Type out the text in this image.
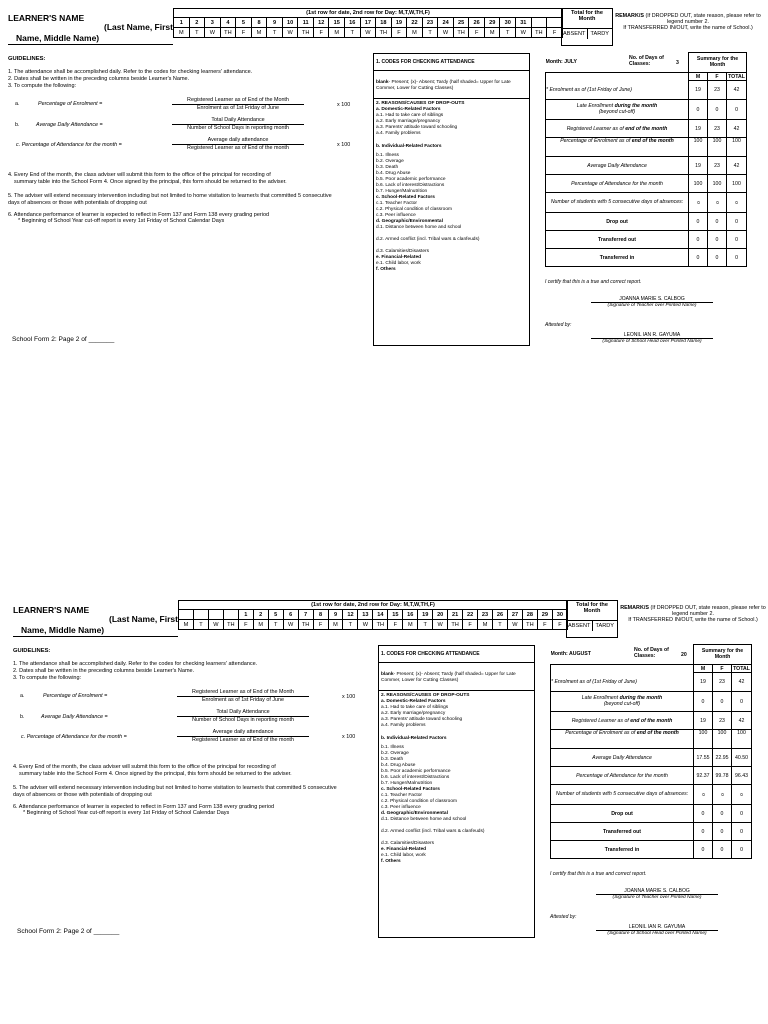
LEARNER'S NAME
(Last Name, First
Name, Middle Name)
(1st row for date, 2nd row for Day: M,T,W,TH,F)																								
1	2	3	4	5	8	9	10	11	12	15	16	17	18	19	22	23	24	25	26	29	30	31		
M	T	W	TH	F	M	T	W	TH	F	M	T	W	TH	F	M	T	W	TH	F	M	T	W	TH	F
Total for the Month
ABSENT TARDY
REMARK/S (If DROPPED OUT, state reason, please refer to legend number 2.
If TRANSFERRED IN/OUT, write the name of School.)
GUIDELINES:
1. The attendance shall be accomplished daily. Refer to the codes for checking learners' attendance.
2. Dates shall be written in the preceding columns beside Learner's Name.
3. To compute the following:
a.	Percentage of Enrolment =
Registered Learner as of End of the Month
Enrolment as of 1st Friday of June	x 100
b.	Average Daily Attendance =
Total Daily Attendance
Number of School Days in reporting month
c. Percentage of Attendance for the month =
Average daily attendance
Registered Learner as of End of the month	x 100
4. Every End of the month, the class adviser will submit this form to the office of the principal for recording of
summary table into the School Form 4. Once signed by the principal, this form should be returned to the adviser.
5. The adviser will extend necessary intervention including but not limited to home visitation to learner/s that committed 5 consecutive
days of absences or those with potentials of dropping out
6. Attendance performance of learner is expected to reflect in Form 137 and Form 138 every grading period
* Beginning of School Year cut-off report is every 1st Friday of School Calendar Days
School Form 2: Page 2 of _______
1. CODES FOR CHECKING ATTENDANCE
blank- Present; (x)- Absent; Tardy (half shaded= Upper for Late Commer, Lower for Cutting Classes)
2. REASONS/CAUSES OF DROP-OUTS
a. Domestic-Related Factors
a.1. Had to take care of siblings
a.2. Early marriage/pregnancy
a.3. Parents' attitude toward schooling
a.4. Family problems
b. Individual-Related Factors
b.1. Illness
b.2. Overage
b.3. Death
b.4. Drug Abuse
b.5. Poor academic performance
b.6. Lack of interest/Distractions
b.7. Hunger/Malnutrition
c. School-Related Factors
c.1. Teacher Factor
c.2. Physical condition of classroom
c.3. Peer influence
d. Geographic/Environmental
d.1. Distance between home and school
d.2. Armed conflict (incl. Tribal wars & clanfeuds)
d.3. Calamities/Disasters
e. Financial-Related
e.1. Child labor, work
f. Others
Month: JULY
No. of Days of Classes: 3	Summary for the Month		
	M	F	TOTAL
* Enrolment as of (1st Friday of June)	19	23	42
Late Enrollment during the month
(beyond cut-off)	0	0	0
Registered Learner as of end of the month	19	23	42
Percentage of Enrolment as of end of the month	100	100	100
Average Daily Attendance	19	23	42
Percentage of Attendance for the month	100	100	100
Number of students with 5 consecutive days of absences:	0	0	0
Drop out	0	0	0
Transferred out	0	0	0
Transferred in	0	0	0
I certify that this is a true and correct report.
JOANNA MARIE S. CALBOG
(Signature of Teacher over Printed Name)
Attested by:
LEONIL IAN R. GAYUMA
(Signature of School Head over Printed Name)
LEARNER'S NAME
(Last Name, First
Name, Middle Name)
(1st row for date, 2nd row for Day: M,T,W,TH,F)																									
				1	2	5	6	7	8	9	12	13	14	15	16	19	20	21	22	23	26	27	28	29	30
M	T	W	TH	F	M	T	W	TH	F	M	T	W	TH	F	M	T	W	TH	F	M	T	W	TH	F	F
Total for the Month
ABSENT TARDY
REMARK/S (If DROPPED OUT, state reason, please refer to legend number 2.
If TRANSFERRED IN/OUT, write the name of School.)
GUIDELINES:
1. The attendance shall be accomplished daily. Refer to the codes for checking learners' attendance.
2. Dates shall be written in the preceding columns beside Learner's Name.
3. To compute the following:
a.	Percentage of Enrolment =
Registered Learner as of End of the Month
Enrolment as of 1st Friday of June	x 100
b.	Average Daily Attendance =
Total Daily Attendance
Number of School Days in reporting month
c. Percentage of Attendance for the month =
Average daily attendance
Registered Learner as of End of the month	x 100
4. Every End of the month, the class adviser will submit this form to the office of the principal for recording of
summary table into the School Form 4. Once signed by the principal, this form should be returned to the adviser.
5. The adviser will extend necessary intervention including but not limited to home visitation to learner/s that committed 5 consecutive
days of absences or those with potentials of dropping out
6. Attendance performance of learner is expected to reflect in Form 137 and Form 138 every grading period
* Beginning of School Year cut-off report is every 1st Friday of School Calendar Days
School Form 2: Page 2 of _______
1. CODES FOR CHECKING ATTENDANCE
blank- Present; (x)- Absent; Tardy (half shaded= Upper for Late Commer, Lower for Cutting Classes)
2. REASONS/CAUSES OF DROP-OUTS
a. Domestic-Related Factors
a.1. Had to take care of siblings
a.2. Early marriage/pregnancy
a.3. Parents' attitude toward schooling
a.4. Family problems
b. Individual-Related Factors
b.1. Illness
b.2. Overage
b.3. Death
b.4. Drug Abuse
b.5. Poor academic performance
b.6. Lack of interest/Distractions
b.7. Hunger/Malnutrition
c. School-Related Factors
c.1. Teacher Factor
c.2. Physical condition of classroom
c.3. Peer influence
d. Geographic/Environmental
d.1. Distance between home and school
d.2. Armed conflict (incl. Tribal wars & clanfeuds)
d.3. Calamities/Disasters
e. Financial-Related
e.1. Child labor, work
f. Others
Month: AUGUST
No. of Days of Classes: 20	Summary for the Month		
	M	F	TOTAL
* Enrolment as of (1st Friday of June)	19	23	42
Late Enrollment during the month
(beyond cut-off)	0	0	0
Registered Learner as of end of the month	19	23	42
Percentage of Enrolment as of end of the month	100	100	100
Average Daily Attendance	17.55	22.95	40.50
Percentage of Attendance for the month	92.37	99.78	96.43
Number of students with 5 consecutive days of absences:	0	0	0
Drop out	0	0	0
Transferred out	0	0	0
Transferred in	0	0	0
I certify that this is a true and correct report.
JOANNA MARIE S. CALBOG
(Signature of Teacher over Printed Name)
Attested by:
LEONIL IAN R. GAYUMA
(Signature of School Head over Printed Name)
